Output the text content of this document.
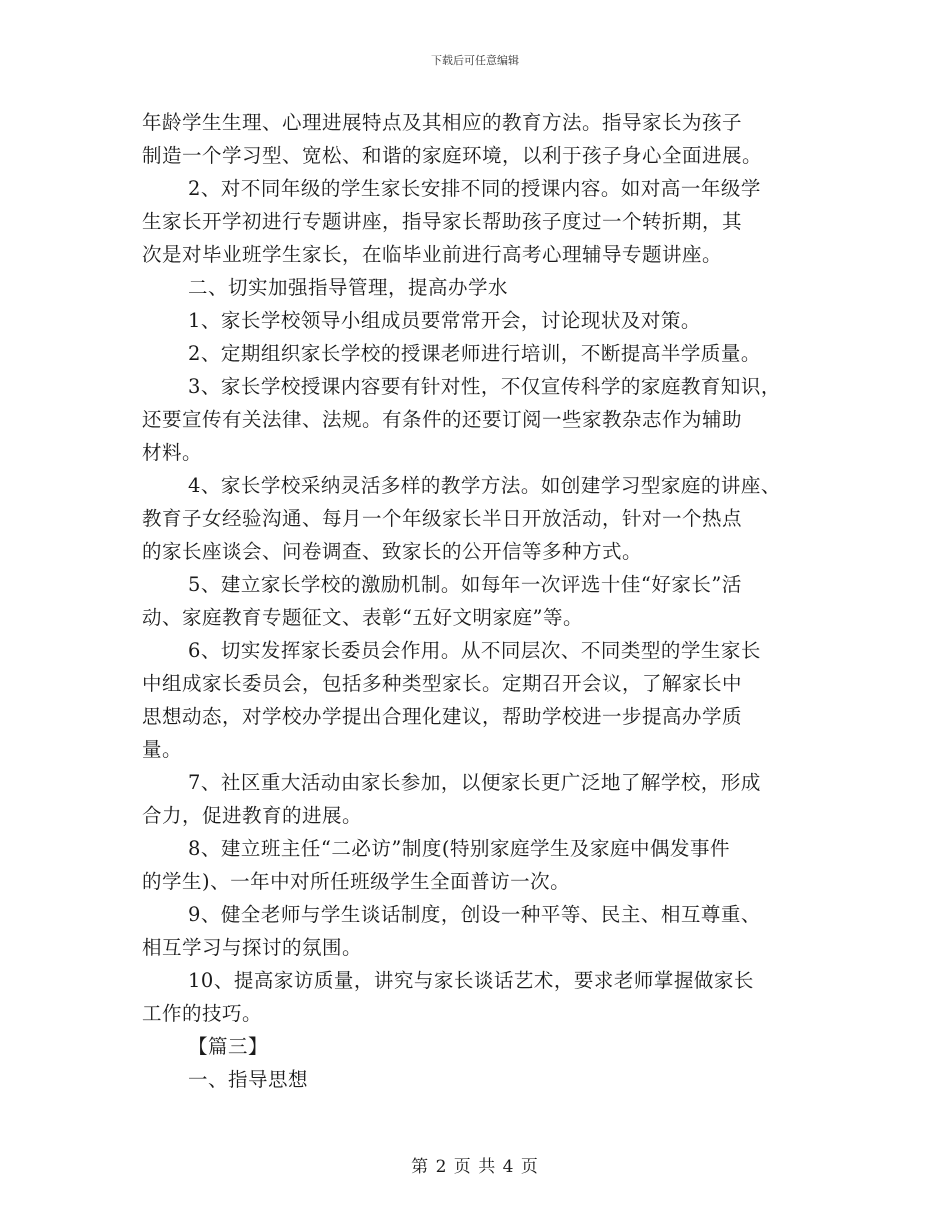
下载后可任意编辑
年龄学生生理、心理进展特点及其相应的教育方法。指导家长为孩子
制造一个学习型、宽松、和谐的家庭环境，以利于孩子身心全面进展。
2、对不同年级的学生家长安排不同的授课内容。如对高一年级学
生家长开学初进行专题讲座，指导家长帮助孩子度过一个转折期，其
次是对毕业班学生家长，在临毕业前进行高考心理辅导专题讲座。
二、切实加强指导管理，提高办学水
1、家长学校领导小组成员要常常开会，讨论现状及对策。
2、定期组织家长学校的授课老师进行培训，不断提高半学质量。
3、家长学校授课内容要有针对性，不仅宣传科学的家庭教育知识，
还要宣传有关法律、法规。有条件的还要订阅一些家教杂志作为辅助
材料。
4、家长学校采纳灵活多样的教学方法。如创建学习型家庭的讲座、
教育子女经验沟通、每月一个年级家长半日开放活动，针对一个热点
的家长座谈会、问卷调查、致家长的公开信等多种方式。
5、建立家长学校的激励机制。如每年一次评选十佳“好家长”活
动、家庭教育专题征文、表彰“五好文明家庭”等。
6、切实发挥家长委员会作用。从不同层次、不同类型的学生家长
中组成家长委员会，包括多种类型家长。定期召开会议，了解家长中
思想动态，对学校办学提出合理化建议，帮助学校进一步提高办学质
量。
7、社区重大活动由家长参加，以便家长更广泛地了解学校，形成
合力，促进教育的进展。
8、建立班主任“二必访”制度(特别家庭学生及家庭中偶发事件
的学生)、一年中对所任班级学生全面普访一次。
9、健全老师与学生谈话制度，创设一种平等、民主、相互尊重、
相互学习与探讨的氛围。
10、提高家访质量，讲究与家长谈话艺术，要求老师掌握做家长
工作的技巧。
【篇三】
一、指导思想
第 2 页 共 4 页
